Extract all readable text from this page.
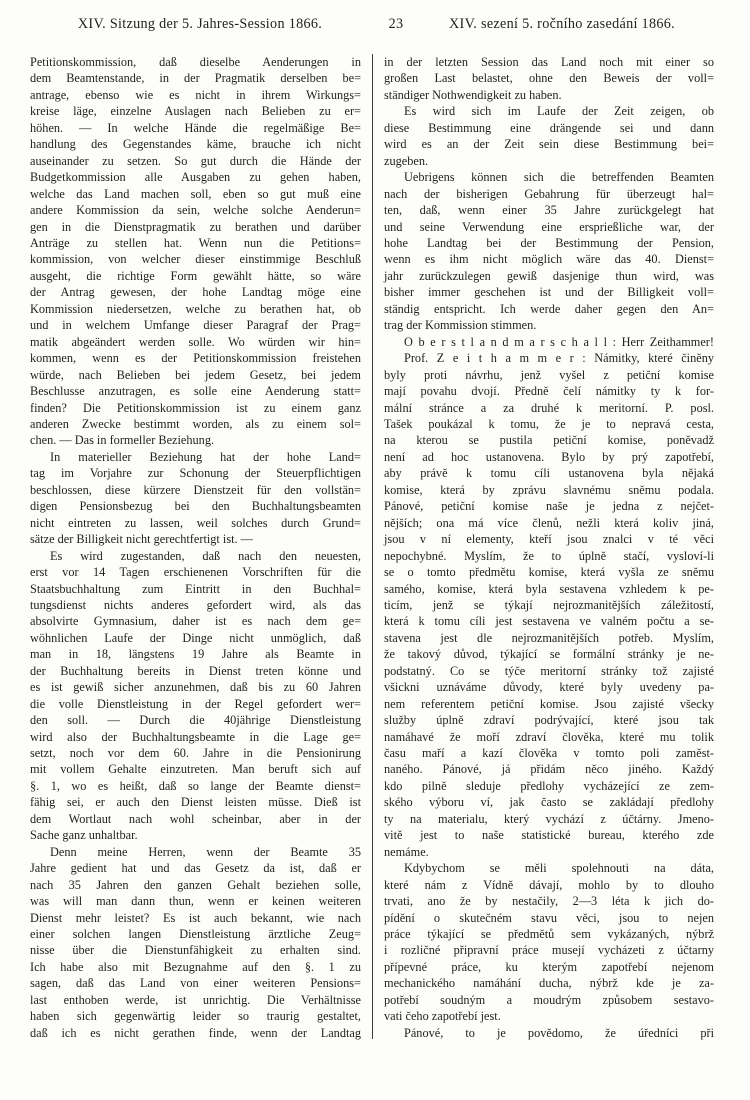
XIV. Sitzung der 5. Jahres-Session 1866.	23	XIV. sezení 5. ročního zasedání 1866.
Petitionskommission, daß dieselbe Aenderungen in
dem Beamtenstande, in der Pragmatik derselben be=
antrage, ebenso wie es nicht in ihrem Wirkungs=
kreise läge, einzelne Auslagen nach Belieben zu er=
höhen. — In welche Hände die regelmäßige Be=
handlung des Gegenstandes käme, brauche ich nicht
auseinander zu setzen. So gut durch die Hände der
Budgetkommission alle Ausgaben zu gehen haben,
welche das Land machen soll, eben so gut muß eine
andere Kommission da sein, welche solche Aenderun=
gen in die Dienstpragmatik zu berathen und darüber
Anträge zu stellen hat. Wenn nun die Petitions=
kommission, von welcher dieser einstimmige Beschluß
ausgeht, die richtige Form gewählt hätte, so wäre
der Antrag gewesen, der hohe Landtag möge eine
Kommission niedersetzen, welche zu berathen hat, ob
und in welchem Umfange dieser Paragraf der Prag=
matik abgeändert werden solle. Wo würden wir hin=
kommen, wenn es der Petitionskommission freistehen
würde, nach Belieben bei jedem Gesetz, bei jedem
Beschlusse anzutragen, es solle eine Aenderung statt=
finden? Die Petitionskommission ist zu einem ganz
anderen Zwecke bestimmt worden, als zu einem sol=
chen. — Das in formeller Beziehung.
In materieller Beziehung hat der hohe Land=
tag im Vorjahre zur Schonung der Steuerpflichtigen
beschlossen, diese kürzere Dienstzeit für den vollstän=
digen Pensionsbezug bei den Buchhaltungsbeamten
nicht eintreten zu lassen, weil solches durch Grund=
sätze der Billigkeit nicht gerechtfertigt ist. —
Es wird zugestanden, daß nach den neuesten,
erst vor 14 Tagen erschienenen Vorschriften für die
Staatsbuchhaltung zum Eintritt in den Buchhal=
tungsdienst nichts anderes gefordert wird, als das
absolvirte Gymnasium, daher ist es nach dem ge=
wöhnlichen Laufe der Dinge nicht unmöglich, daß
man in 18, längstens 19 Jahre als Beamte in
der Buchhaltung bereits in Dienst treten könne und
es ist gewiß sicher anzunehmen, daß bis zu 60 Jahren
die volle Dienstleistung in der Regel gefordert wer=
den soll. — Durch die 40jährige Dienstleistung
wird also der Buchhaltungsbeamte in die Lage ge=
setzt, noch vor dem 60. Jahre in die Pensionirung
mit vollem Gehalte einzutreten. Man beruft sich auf
§. 1, wo es heißt, daß so lange der Beamte dienst=
fähig sei, er auch den Dienst leisten müsse. Dieß ist
dem Wortlaut nach wohl scheinbar, aber in der
Sache ganz unhaltbar.
Denn meine Herren, wenn der Beamte 35
Jahre gedient hat und das Gesetz da ist, daß er
nach 35 Jahren den ganzen Gehalt beziehen solle,
was will man dann thun, wenn er keinen weiteren
Dienst mehr leistet? Es ist auch bekannt, wie nach
einer solchen langen Dienstleistung ärztliche Zeug=
nisse über die Dienstunfähigkeit zu erhalten sind.
Ich habe also mit Bezugnahme auf den §. 1 zu
sagen, daß das Land von einer weiteren Pensions=
last enthoben werde, ist unrichtig. Die Verhältnisse
haben sich gegenwärtig leider so traurig gestaltet,
daß ich es nicht gerathen finde, wenn der Landtag
in der letzten Session das Land noch mit einer so
großen Last belastet, ohne den Beweis der voll=
ständiger Nothwendigkeit zu haben.
Es wird sich im Laufe der Zeit zeigen, ob
diese Bestimmung eine drängende sei und dann
wird es an der Zeit sein diese Bestimmung bei=
zugeben.
Uebrigens können sich die betreffenden Beamten
nach der bisherigen Gebahrung für überzeugt hal=
ten, daß, wenn einer 35 Jahre zurückgelegt hat
und seine Verwendung eine ersprießliche war, der
hohe Landtag bei der Bestimmung der Pension,
wenn es ihm nicht möglich wäre das 40. Dienst=
jahr zurückzulegen gewiß dasjenige thun wird, was
bisher immer geschehen ist und der Billigkeit voll=
ständig entspricht. Ich werde daher gegen den An=
trag der Kommission stimmen.
O b e r s t l a n d m a r s c h a l l : Herr Zeithammer!
Prof. Z e i t h a m m e r : Námitky, které činěny
byly proti návrhu, jenž vyšel z petiční komise
mají povahu dvojí. Předně čelí námitky ty k for-
mální stránce a za druhé k meritorní. P. posl.
Tašek poukázal k tomu, že je to nepravá cesta,
na kterou se pustila petiční komise, poněvadž
není ad hoc ustanovena. Bylo by prý zapotřebí,
aby právě k tomu cíli ustanovena byla nějaká
komise, která by zprávu slavnému sněmu podala.
Pánové, petiční komise naše je jedna z nejčet-
nějších; ona má více členů, nežli která koliv jiná,
jsou v ní elementy, kteří jsou znalci v té věci
nepochybné. Myslím, že to úplně stačí, vysloví-li
se o tomto předmětu komise, která vyšla ze sněmu
samého, komise, která byla sestavena vzhledem k pe-
ticím, jenž se týkají nejrozmanitějších záležitostí,
která k tomu cíli jest sestavena ve valném počtu a se-
stavena jest dle nejrozmanitějších potřeb. Myslím,
že takový důvod, týkající se formální stránky je ne-
podstatný. Co se týče meritorní stránky tož zajisté
všickni uznáváme důvody, které byly uvedeny pa-
nem referentem petiční komise. Jsou zajisté všecky
služby úplně zdraví podrývající, které jsou tak
namáhavé že moří zdraví člověka, které mu tolik
času maří a kazí člověka v tomto poli zaměst-
naného. Pánové, já přidám něco jiného. Každý
kdo pilně sleduje předlohy vycházející ze zem-
ského výboru ví, jak často se zakládají předlohy
ty na materialu, který vychází z účtárny. Jmeno-
vitě jest to naše statistické bureau, kterého zde
nemáme.
Kdybychom se měli spolehnouti na dáta,
které nám z Vídně dávají, mohlo by to dlouho
trvati, ano že by nestačily, 2—3 léta k jich do-
pídění o skutečném stavu věci, jsou to nejen
práce týkající se předmětů sem vykázaných, nýbrž
i rozličné připravní práce musejí vycházeti z účtarny
přípevné práce, ku kterým zapotřebí nejenom
mechanického namáhání ducha, nýbrž kde je za-
potřebí soudným a moudrým způsobem sestavo-
vati čeho zapotřebí jest.
Pánové, to je povědomo, že úředníci při
